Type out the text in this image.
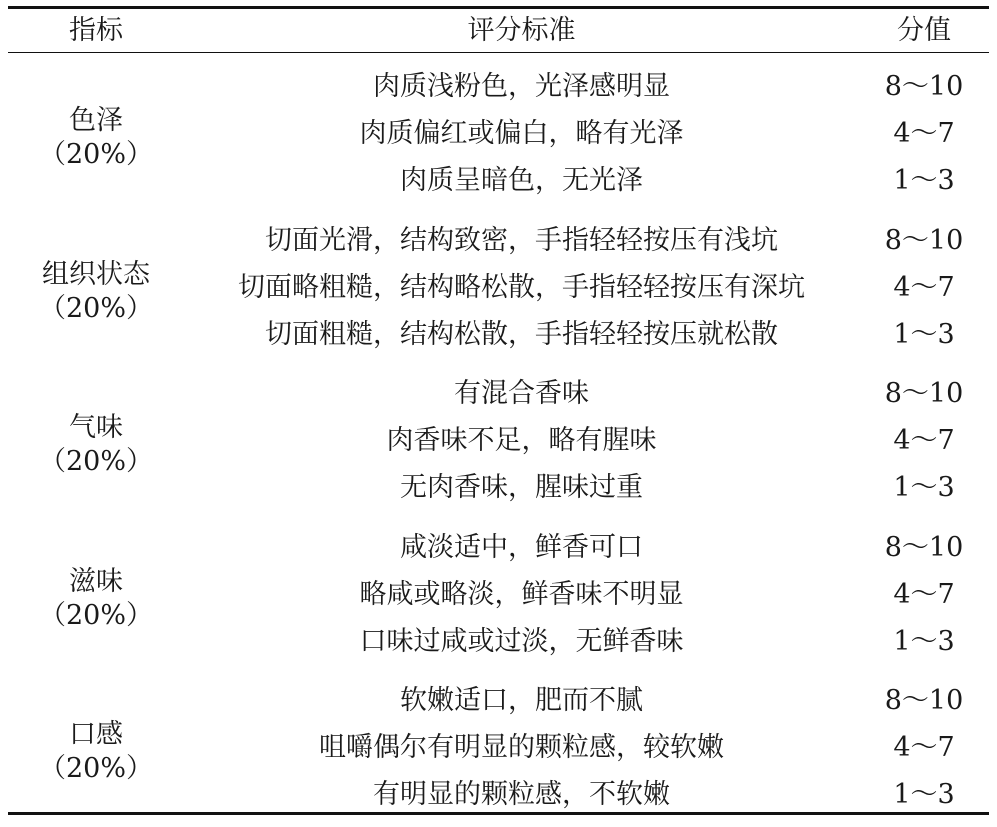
指标	评分标准	分值
色泽
（20%）
肉质浅粉色，光泽感明显	8～10
肉质偏红或偏白，略有光泽	4～7
肉质呈暗色，无光泽	1～3
组织状态
（20%）
切面光滑，结构致密，手指轻轻按压有浅坑	8～10
切面略粗糙，结构略松散，手指轻轻按压有深坑	4～7
切面粗糙，结构松散，手指轻轻按压就松散	1～3
气味
（20%）
有混合香味	8～10
肉香味不足，略有腥味	4～7
无肉香味，腥味过重	1～3
滋味
（20%）
咸淡适中，鲜香可口	8～10
略咸或略淡，鲜香味不明显	4～7
口味过咸或过淡，无鲜香味	1～3
口感
（20%）
软嫩适口，肥而不腻	8～10
咀嚼偶尔有明显的颗粒感，较软嫩	4～7
有明显的颗粒感，不软嫩	1～3
